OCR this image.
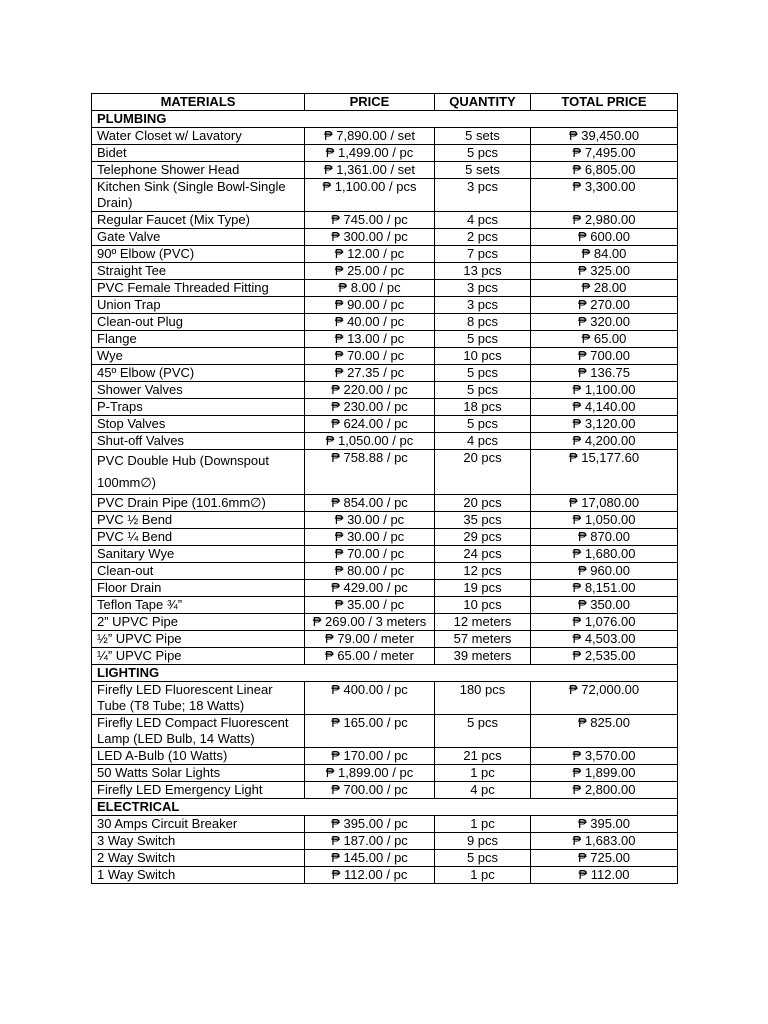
MATERIALS	PRICE	QUANTITY	TOTAL PRICE
PLUMBING			
Water Closet w/ Lavatory	₱ 7,890.00 / set	5 sets	₱ 39,450.00
Bidet	₱ 1,499.00 / pc	5 pcs	₱ 7,495.00
Telephone Shower Head	₱ 1,361.00 / set	5 sets	₱ 6,805.00
Kitchen Sink (Single Bowl-Single Drain)	₱ 1,100.00 / pcs	3 pcs	₱ 3,300.00
Regular Faucet (Mix Type)	₱ 745.00 / pc	4 pcs	₱ 2,980.00
Gate Valve	₱ 300.00 / pc	2 pcs	₱ 600.00
90º Elbow (PVC)	₱ 12.00 / pc	7 pcs	₱ 84.00
Straight Tee	₱ 25.00 / pc	13 pcs	₱ 325.00
PVC Female Threaded Fitting	₱ 8.00 / pc	3 pcs	₱ 28.00
Union Trap	₱ 90.00 / pc	3 pcs	₱ 270.00
Clean-out Plug	₱ 40.00 / pc	8 pcs	₱ 320.00
Flange	₱ 13.00 / pc	5 pcs	₱ 65.00
Wye	₱ 70.00 / pc	10 pcs	₱ 700.00
45º Elbow (PVC)	₱ 27.35 / pc	5 pcs	₱ 136.75
Shower Valves	₱ 220.00 / pc	5 pcs	₱ 1,100.00
P-Traps	₱ 230.00 / pc	18 pcs	₱ 4,140.00
Stop Valves	₱ 624.00 / pc	5 pcs	₱ 3,120.00
Shut-off Valves	₱ 1,050.00 / pc	4 pcs	₱ 4,200.00
PVC Double Hub (Downspout 100mm∅)	₱ 758.88 / pc	20 pcs	₱ 15,177.60
PVC Drain Pipe (101.6mm∅)	₱ 854.00 / pc	20 pcs	₱ 17,080.00
PVC ½ Bend	₱ 30.00 / pc	35 pcs	₱ 1,050.00
PVC ¼ Bend	₱ 30.00 / pc	29 pcs	₱ 870.00
Sanitary Wye	₱ 70.00 / pc	24 pcs	₱ 1,680.00
Clean-out	₱ 80.00 / pc	12 pcs	₱ 960.00
Floor Drain	₱ 429.00 / pc	19 pcs	₱ 8,151.00
Teflon Tape ¾”	₱ 35.00 / pc	10 pcs	₱ 350.00
2” UPVC Pipe	₱ 269.00 / 3 meters	12 meters	₱ 1,076.00
½” UPVC Pipe	₱ 79.00 / meter	57 meters	₱ 4,503.00
¼” UPVC Pipe	₱ 65.00 / meter	39 meters	₱ 2,535.00
LIGHTING			
Firefly LED Fluorescent Linear Tube (T8 Tube; 18 Watts)	₱ 400.00 / pc	180 pcs	₱ 72,000.00
Firefly LED Compact Fluorescent Lamp (LED Bulb, 14 Watts)	₱ 165.00 / pc	5 pcs	₱ 825.00
LED A-Bulb (10 Watts)	₱ 170.00 / pc	21 pcs	₱ 3,570.00
50 Watts Solar Lights	₱ 1,899.00 / pc	1 pc	₱ 1,899.00
Firefly LED Emergency Light	₱ 700.00 / pc	4 pc	₱ 2,800.00
ELECTRICAL			
30 Amps Circuit Breaker	₱ 395.00 / pc	1 pc	₱ 395.00
3 Way Switch	₱ 187.00 / pc	9 pcs	₱ 1,683.00
2 Way Switch	₱ 145.00 / pc	5 pcs	₱ 725.00
1 Way Switch	₱ 112.00 / pc	1 pc	₱ 112.00
